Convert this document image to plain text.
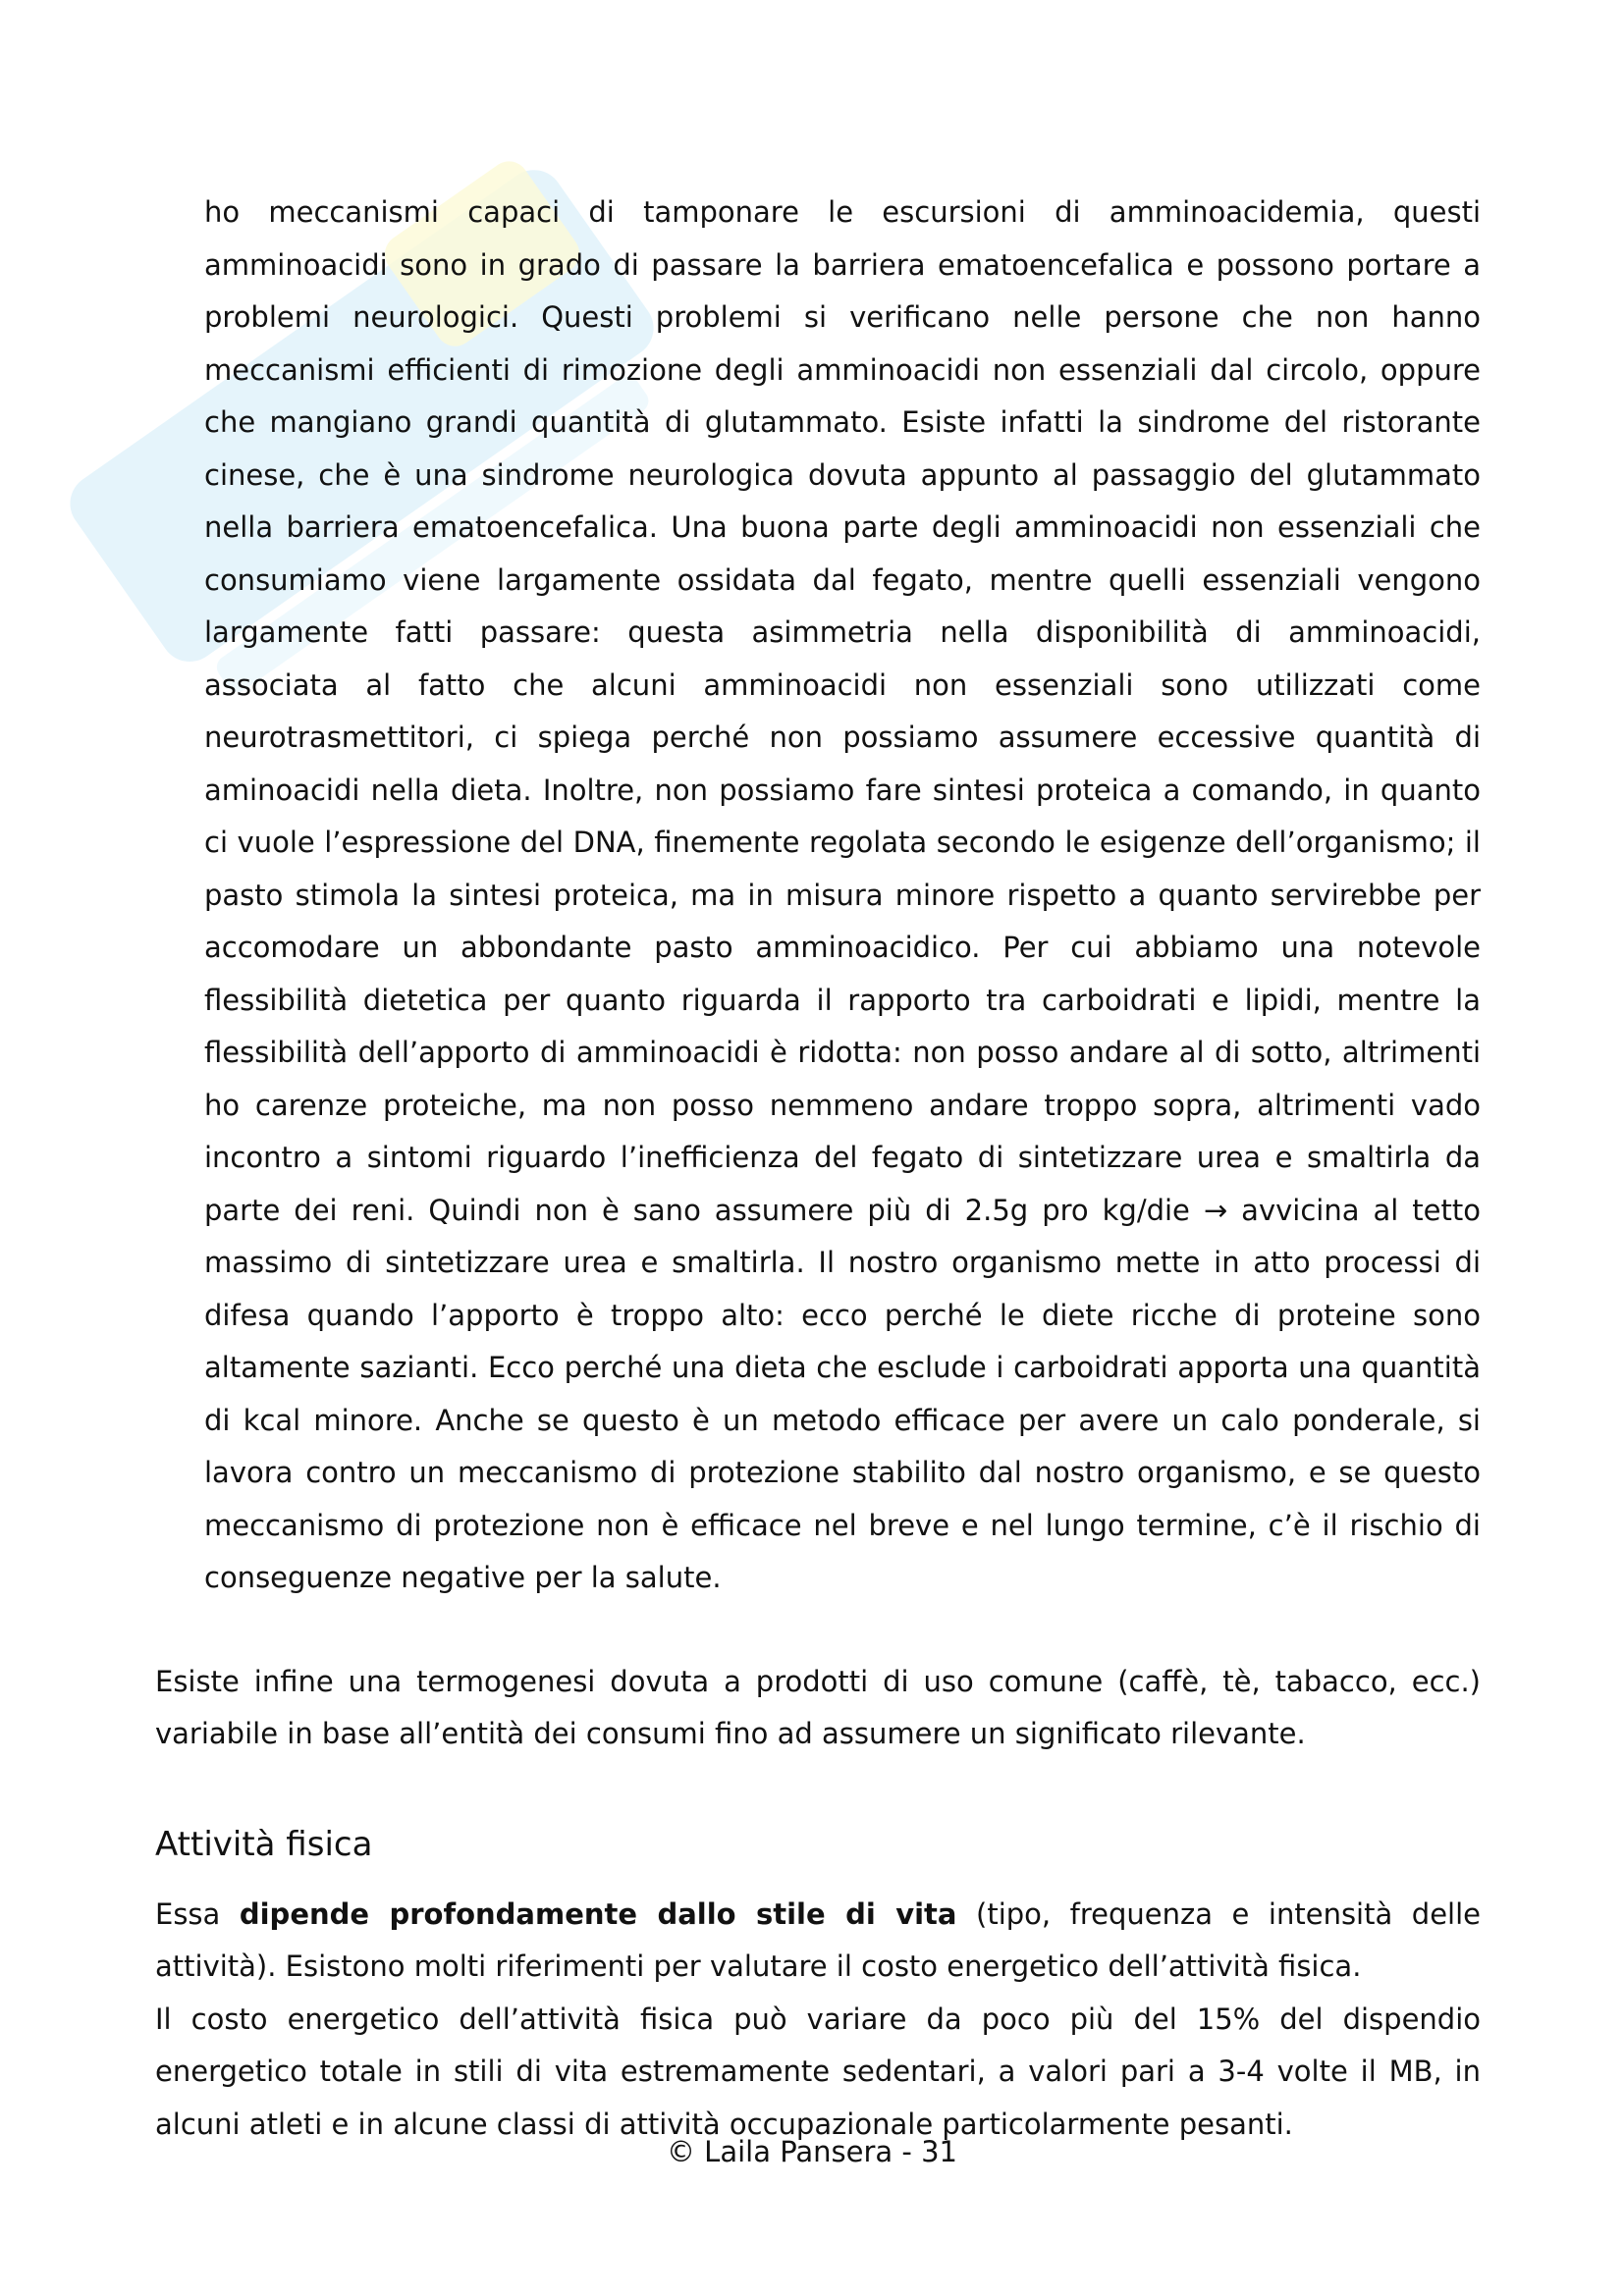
ho meccanismi capaci di tamponare le escursioni di amminoacidemia, questi amminoacidi sono in grado di passare la barriera ematoencefalica e possono portare a problemi neurologici. Questi problemi si verificano nelle persone che non hanno meccanismi efficienti di rimozione degli amminoacidi non essenziali dal circolo, oppure che mangiano grandi quantità di glutammato. Esiste infatti la sindrome del ristorante cinese, che è una sindrome neurologica dovuta appunto al passaggio del glutammato nella barriera ematoencefalica. Una buona parte degli amminoacidi non essenziali che consumiamo viene largamente ossidata dal fegato, mentre quelli essenziali vengono largamente fatti passare: questa asimmetria nella disponibilità di amminoacidi, associata al fatto che alcuni amminoacidi non essenziali sono utilizzati come neurotrasmettitori, ci spiega perché non possiamo assumere eccessive quantità di aminoacidi nella dieta. Inoltre, non possiamo fare sintesi proteica a comando, in quanto ci vuole l’espressione del DNA, finemente regolata secondo le esigenze dell’organismo; il pasto stimola la sintesi proteica, ma in misura minore rispetto a quanto servirebbe per accomodare un abbondante pasto amminoacidico. Per cui abbiamo una notevole flessibilità dietetica per quanto riguarda il rapporto tra carboidrati e lipidi, mentre la flessibilità dell’apporto di amminoacidi è ridotta: non posso andare al di sotto, altrimenti ho carenze proteiche, ma non posso nemmeno andare troppo sopra, altrimenti vado incontro a sintomi riguardo l’inefficienza del fegato di sintetizzare urea e smaltirla da parte dei reni. Quindi non è sano assumere più di 2.5g pro kg/die → avvicina al tetto massimo di sintetizzare urea e smaltirla. Il nostro organismo mette in atto processi di difesa quando l’apporto è troppo alto: ecco perché le diete ricche di proteine sono altamente sazianti. Ecco perché una dieta che esclude i carboidrati apporta una quantità di kcal minore. Anche se questo è un metodo efficace per avere un calo ponderale, si lavora contro un meccanismo di protezione stabilito dal nostro organismo, e se questo meccanismo di protezione non è efficace nel breve e nel lungo termine, c’è il rischio di conseguenze negative per la salute.

Esiste infine una termogenesi dovuta a prodotti di uso comune (caffè, tè, tabacco, ecc.) variabile in base all’entità dei consumi fino ad assumere un significato rilevante.

Attività fisica

Essa dipende profondamente dallo stile di vita (tipo, frequenza e intensità delle attività). Esistono molti riferimenti per valutare il costo energetico dell’attività fisica.

Il costo energetico dell’attività fisica può variare da poco più del 15% del dispendio energetico totale in stili di vita estremamente sedentari, a valori pari a 3-4 volte il MB, in alcuni atleti e in alcune classi di attività occupazionale particolarmente pesanti.

© Laila Pansera - 31
